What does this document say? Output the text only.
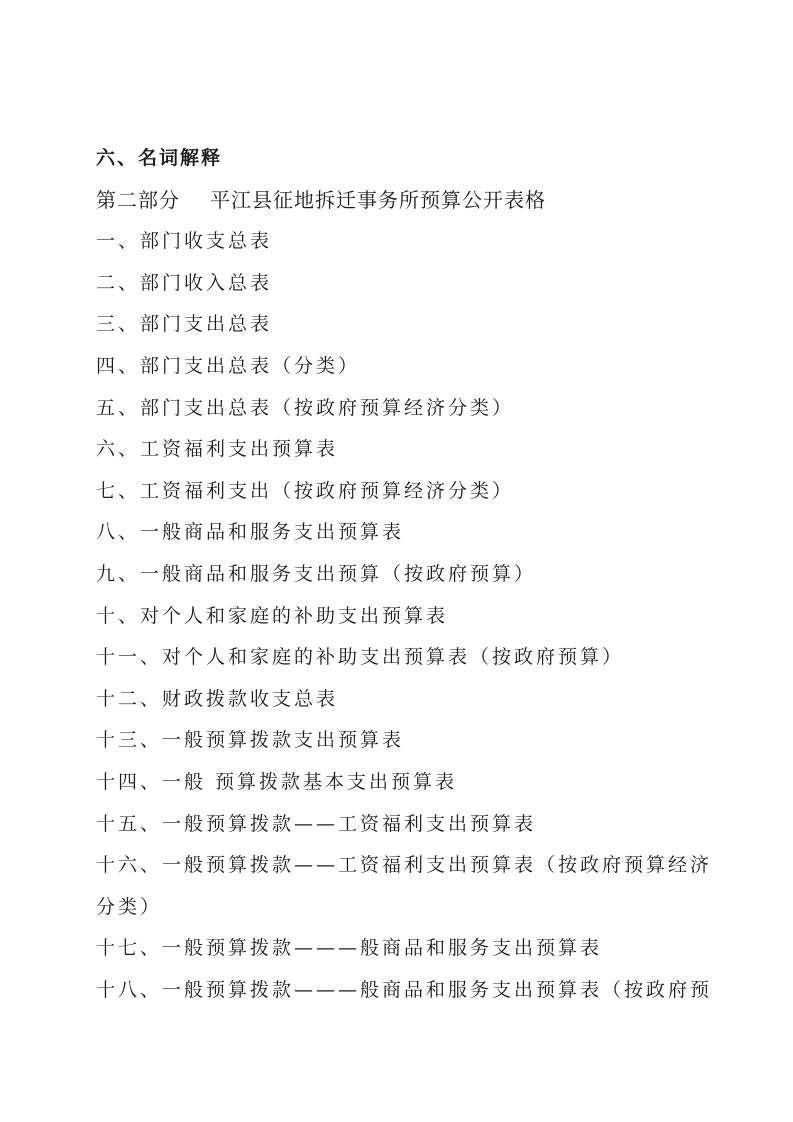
六、名词解释
第二部分 平江县征地拆迁事务所预算公开表格
一、部门收支总表
二、部门收入总表
三、部门支出总表
四、部门支出总表（分类）
五、部门支出总表（按政府预算经济分类）
六、工资福利支出预算表
七、工资福利支出（按政府预算经济分类）
八、一般商品和服务支出预算表
九、一般商品和服务支出预算（按政府预算）
十、对个人和家庭的补助支出预算表
十一、对个人和家庭的补助支出预算表（按政府预算）
十二、财政拨款收支总表
十三、一般预算拨款支出预算表
十四、一般 预算拨款基本支出预算表
十五、一般预算拨款——工资福利支出预算表
十六、一般预算拨款——工资福利支出预算表（按政府预算经济
分类）
十七、一般预算拨款———般商品和服务支出预算表
十八、一般预算拨款———般商品和服务支出预算表（按政府预
